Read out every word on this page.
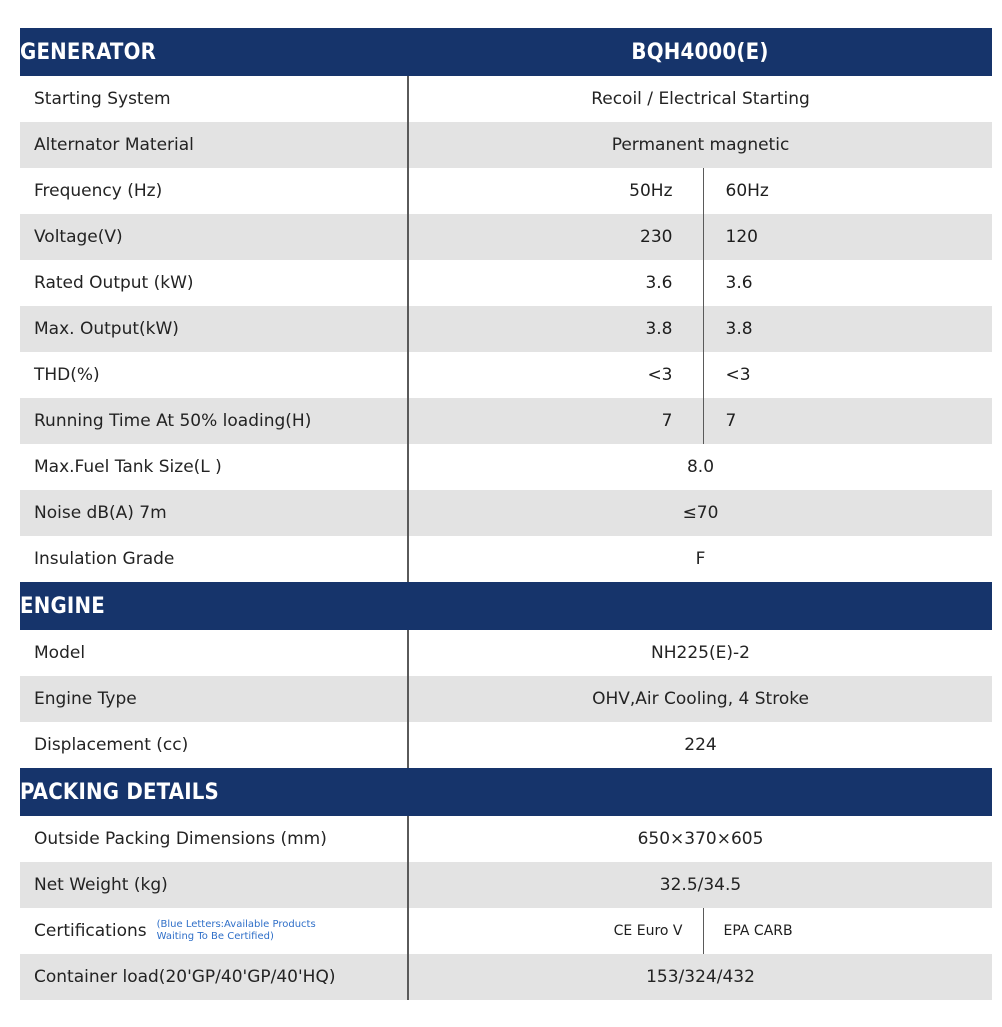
GENERATOR	BQH4000(E)	
Starting System	Recoil / Electrical Starting	
Alternator Material	Permanent magnetic	
Frequency (Hz)	50Hz	60Hz
Voltage(V)	230	120
Rated Output (kW)	3.6	3.6
Max. Output(kW)	3.8	3.8
THD(%)	<3	<3
Running Time At 50% loading(H)	7	7
Max.Fuel Tank Size(L )	8.0	
Noise dB(A) 7m	≤70	
Insulation Grade	F	
ENGINE		
Model	NH225(E)-2	
Engine Type	OHV,Air Cooling, 4 Stroke	
Displacement (cc)	224	
PACKING DETAILS		
Outside Packing Dimensions (mm)	650×370×605	
Net Weight (kg)	32.5/34.5	
Certifications (Blue Letters:Available Products
Waiting To Be Certified)	CE Euro V	EPA CARB
Container load(20'GP/40'GP/40'HQ)	153/324/432	
